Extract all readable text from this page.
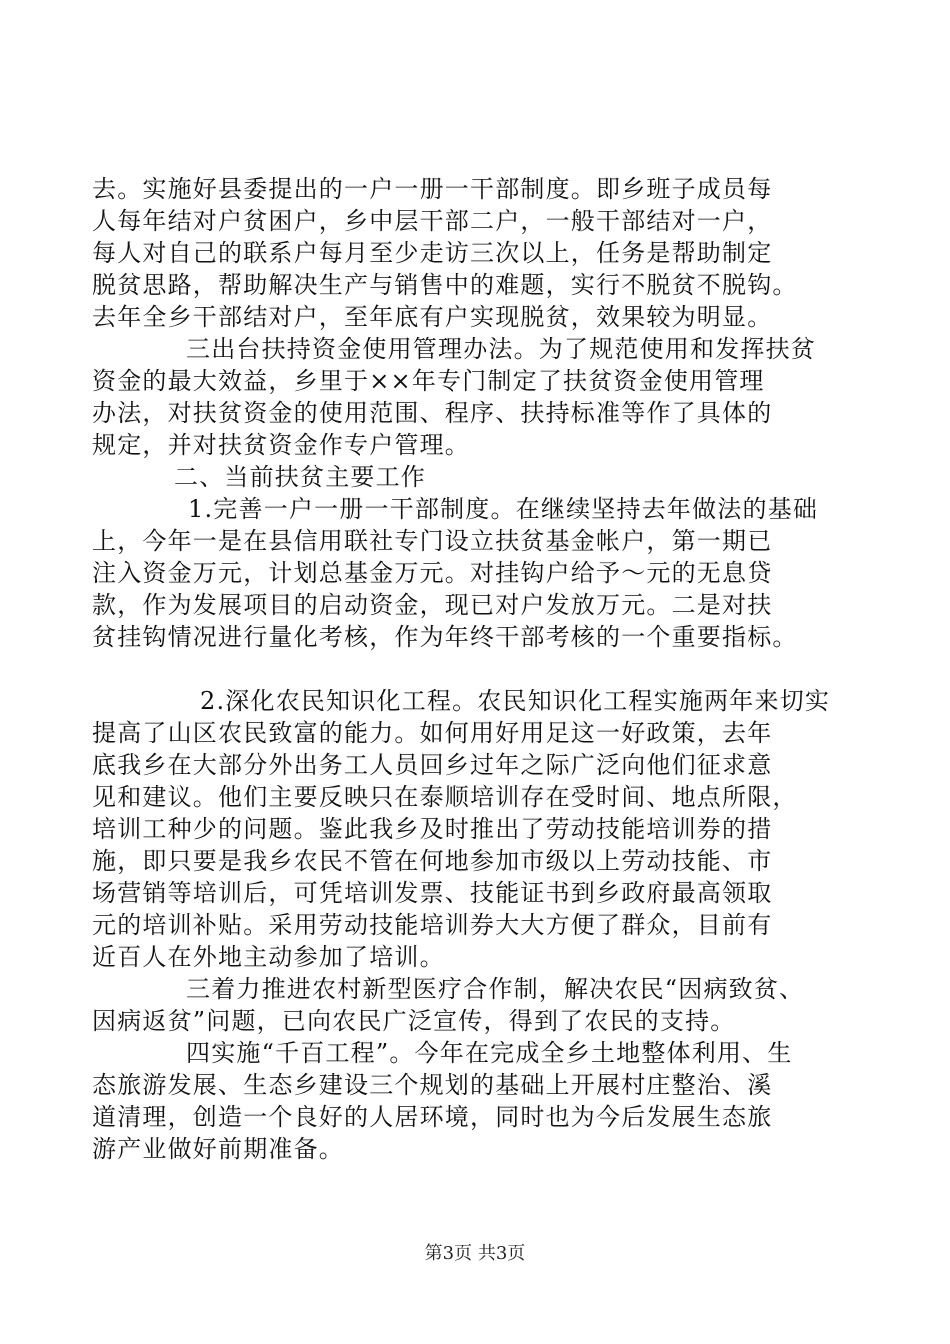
去。实施好县委提出的一户一册一干部制度。即乡班子成员每
人每年结对户贫困户，乡中层干部二户，一般干部结对一户，
每人对自己的联系户每月至少走访三次以上，任务是帮助制定
脱贫思路，帮助解决生产与销售中的难题，实行不脱贫不脱钩。
去年全乡干部结对户，至年底有户实现脱贫，效果较为明显。
三出台扶持资金使用管理办法。为了规范使用和发挥扶贫
资金的最大效益，乡里于××年专门制定了扶贫资金使用管理
办法，对扶贫资金的使用范围、程序、扶持标准等作了具体的
规定，并对扶贫资金作专户管理。
二、当前扶贫主要工作
1.完善一户一册一干部制度。在继续坚持去年做法的基础
上，今年一是在县信用联社专门设立扶贫基金帐户，第一期已
注入资金万元，计划总基金万元。对挂钩户给予～元的无息贷
款，作为发展项目的启动资金，现已对户发放万元。二是对扶
贫挂钩情况进行量化考核，作为年终干部考核的一个重要指标。
2.深化农民知识化工程。农民知识化工程实施两年来切实
提高了山区农民致富的能力。如何用好用足这一好政策，去年
底我乡在大部分外出务工人员回乡过年之际广泛向他们征求意
见和建议。他们主要反映只在泰顺培训存在受时间、地点所限，
培训工种少的问题。鉴此我乡及时推出了劳动技能培训券的措
施，即只要是我乡农民不管在何地参加市级以上劳动技能、市
场营销等培训后，可凭培训发票、技能证书到乡政府最高领取
元的培训补贴。采用劳动技能培训券大大方便了群众，目前有
近百人在外地主动参加了培训。
三着力推进农村新型医疗合作制，解决农民“因病致贫、
因病返贫”问题，已向农民广泛宣传，得到了农民的支持。
四实施“千百工程”。今年在完成全乡土地整体利用、生
态旅游发展、生态乡建设三个规划的基础上开展村庄整治、溪
道清理，创造一个良好的人居环境，同时也为今后发展生态旅
游产业做好前期准备。
第3页 共3页
